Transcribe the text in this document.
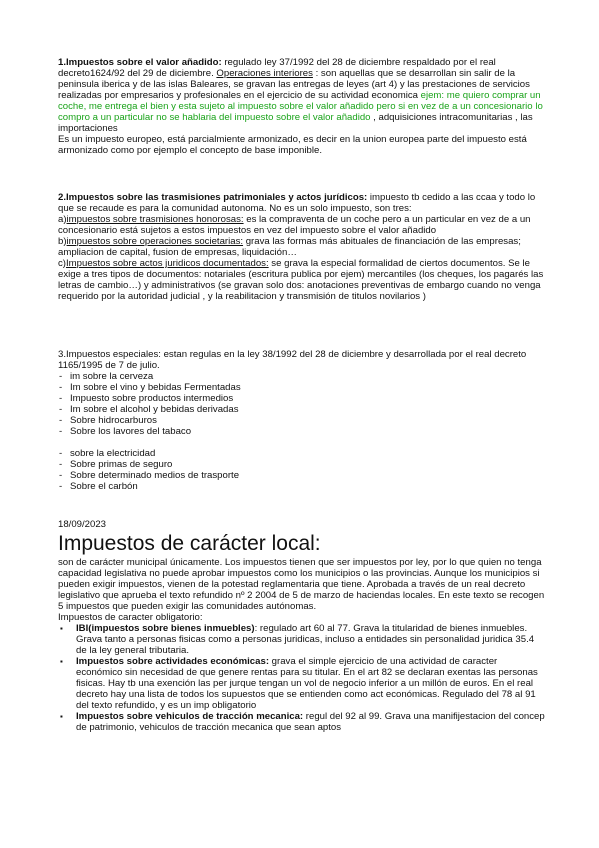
1.Impuestos sobre el valor añadido: regulado ley 37/1992 del 28 de diciembre respaldado por el real decreto1624/92 del 29 de diciembre. Operaciones interiores : son aquellas que se desarrollan sin salir de la peninsula iberica y de las islas Baleares, se gravan las entregas de leyes (art 4) y las prestaciones de servicios realizadas por empresarios y profesionales en el ejercicio de su actividad economica ejem: me quiero comprar un coche, me entrega el bien y esta sujeto al impuesto sobre el valor añadido pero si en vez de a un concesionario lo compro a un particular no se hablaria del impuesto sobre el valor añadido , adquisiciones intracomunitarias , las importaciones

Es un impuesto europeo, está parcialmiente armonizado, es decir en la union europea parte del impuesto está armonizado como por ejemplo el concepto de base imponible.

2.Impuestos sobre las trasmisiones patrimoniales y actos jurídicos: impuesto tb cedido a las ccaa y todo lo que se recaude es para la comunidad autonoma. No es un solo impuesto, son tres:

a)impuestos sobre trasmisiones honorosas: es la compraventa de un coche pero a un particular en vez de a un concesionario está sujetos a estos impuestos en vez del impuesto sobre el valor añadido

b)impuestos sobre operaciones societarias: grava las formas más abituales de financiación de las empresas; ampliacion de capital, fusion de empresas, liquidación…

c)Impuestos sobre actos juridicos documentados: se grava la especial formalidad de ciertos documentos. Se le exige a tres tipos de documentos: notariales (escritura publica por ejem) mercantiles (los cheques, los pagarés las letras de cambio…) y administrativos (se gravan solo dos: anotaciones preventivas de embargo cuando no venga requerido por la autoridad judicial , y la reabilitacion y transmisión de titulos novilarios )

3.Impuestos especiales: estan regulas en la ley 38/1992 del 28 de diciembre y desarrollada por el real decreto 1165/1995 de 7 de julio.

- im sobre la cerveza
- Im sobre el vino y bebidas Fermentadas
- Impuesto sobre productos intermedios
- Im sobre el alcohol y bebidas derivadas
- Sobre hidrocarburos
- Sobre los lavores del tabaco
- sobre la electricidad
- Sobre primas de seguro
- Sobre determinado medios de trasporte
- Sobre el carbón
18/09/2023
Impuestos de carácter local:

son de carácter municipal únicamente. Los impuestos tienen que ser impuestos por ley, por lo que quien no tenga capacidad legislativa no puede aprobar impuestos como los municipios o las provincias. Aunque los municipios si pueden exigir impuestos, vienen de la potestad reglamentaria que tiene. Aprobada a través de un real decreto legislativo que aprueba el texto refundido nº 2 2004 de 5 de marzo de haciendas locales. En este texto se recogen 5 impuestos que pueden exigir las comunidades autónomas.

Impuestos de caracter obligatorio:

▪ IBI(impuestos sobre bienes inmuebles): regulado art 60 al 77. Grava la titularidad de bienes inmuebles. Grava tanto a personas fisicas como a personas juridicas, incluso a entidades sin personalidad juridica 35.4 de la ley general tributaria.
▪ Impuestos sobre actividades económicas: grava el simple ejercicio de una actividad de caracter económico sin necesidad de que genere rentas para su titular. En el art 82 se declaran exentas las personas fisicas. Hay tb una exención las per jurque tengan un vol de negocio inferior a un millón de euros. En el real decreto hay una lista de todos los supuestos que se entienden como act económicas. Regulado del 78 al 91 del texto refundido, y es un imp obligatorio
▪ Impuestos sobre vehiculos de tracción mecanica: regul del 92 al 99. Grava una manifijestacion del concep de patrimonio, vehiculos de tracción mecanica que sean aptos
